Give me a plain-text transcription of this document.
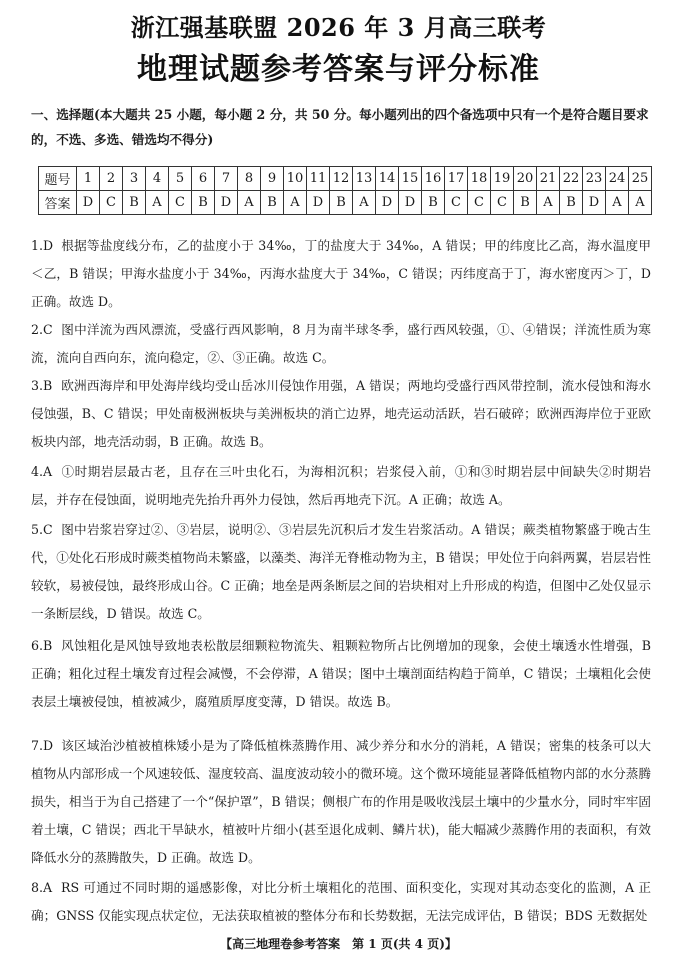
浙江强基联盟 2026 年 3 月高三联考
地理试题参考答案与评分标准
一、选择题(本大题共 25 小题，每小题 2 分，共 50 分。每小题列出的四个备选项中只有一个是符合题目要求的，不选、多选、错选均不得分)
题号	1	2	3	4	5	6	7	8	9	10	11	12	13	14	15	16	17	18	19	20	21	22	23	24	25
答案	D	C	B	A	C	B	D	A	B	A	D	B	A	D	D	B	C	C	C	B	A	B	D	A	A
1.D 根据等盐度线分布，乙的盐度小于 34‰，丁的盐度大于 34‰，A 错误；甲的纬度比乙高，海水温度甲＜乙，B 错误；甲海水盐度小于 34‰，丙海水盐度大于 34‰，C 错误；丙纬度高于丁，海水密度丙＞丁，D 正确。故选 D。
2.C 图中洋流为西风漂流，受盛行西风影响，8 月为南半球冬季，盛行西风较强，①、④错误；洋流性质为寒流，流向自西向东，流向稳定，②、③正确。故选 C。
3.B 欧洲西海岸和甲处海岸线均受山岳冰川侵蚀作用强，A 错误；两地均受盛行西风带控制，流水侵蚀和海水侵蚀强，B、C 错误；甲处南极洲板块与美洲板块的消亡边界，地壳运动活跃，岩石破碎；欧洲西海岸位于亚欧板块内部，地壳活动弱，B 正确。故选 B。
4.A ①时期岩层最古老，且存在三叶虫化石，为海相沉积；岩浆侵入前，①和③时期岩层中间缺失②时期岩层，并存在侵蚀面，说明地壳先抬升再外力侵蚀，然后再地壳下沉。A 正确；故选 A。
5.C 图中岩浆岩穿过②、③岩层，说明②、③岩层先沉积后才发生岩浆活动。A 错误；蕨类植物繁盛于晚古生代，①处化石形成时蕨类植物尚未繁盛，以藻类、海洋无脊椎动物为主，B 错误；甲处位于向斜两翼，岩层岩性较软，易被侵蚀，最终形成山谷。C 正确；地垒是两条断层之间的岩块相对上升形成的构造，但图中乙处仅显示一条断层线，D 错误。故选 C。
6.B 风蚀粗化是风蚀导致地表松散层细颗粒物流失、粗颗粒物所占比例增加的现象，会使土壤透水性增强，B 正确；粗化过程土壤发育过程会减慢，不会停滞，A 错误；图中土壤剖面结构趋于简单，C 错误；土壤粗化会使表层土壤被侵蚀，植被减少，腐殖质厚度变薄，D 错误。故选 B。
7.D 该区域治沙植被植株矮小是为了降低植株蒸腾作用、减少养分和水分的消耗，A 错误；密集的枝条可以大植物从内部形成一个风速较低、湿度较高、温度波动较小的微环境。这个微环境能显著降低植物内部的水分蒸腾损失，相当于为自己搭建了一个“保护罩”，B 错误；侧根广布的作用是吸收浅层土壤中的少量水分，同时牢牢固着土壤，C 错误；西北干旱缺水，植被叶片细小(甚至退化成刺、鳞片状)，能大幅减少蒸腾作用的表面积，有效降低水分的蒸腾散失，D 正确。故选 D。
8.A RS 可通过不同时期的遥感影像，对比分析土壤粗化的范围、面积变化，实现对其动态变化的监测，A 正确；GNSS 仅能实现点状定位，无法获取植被的整体分布和长势数据，无法完成评估，B 错误；BDS 无数据处
【高三地理卷参考答案　第 1 页(共 4 页)】
